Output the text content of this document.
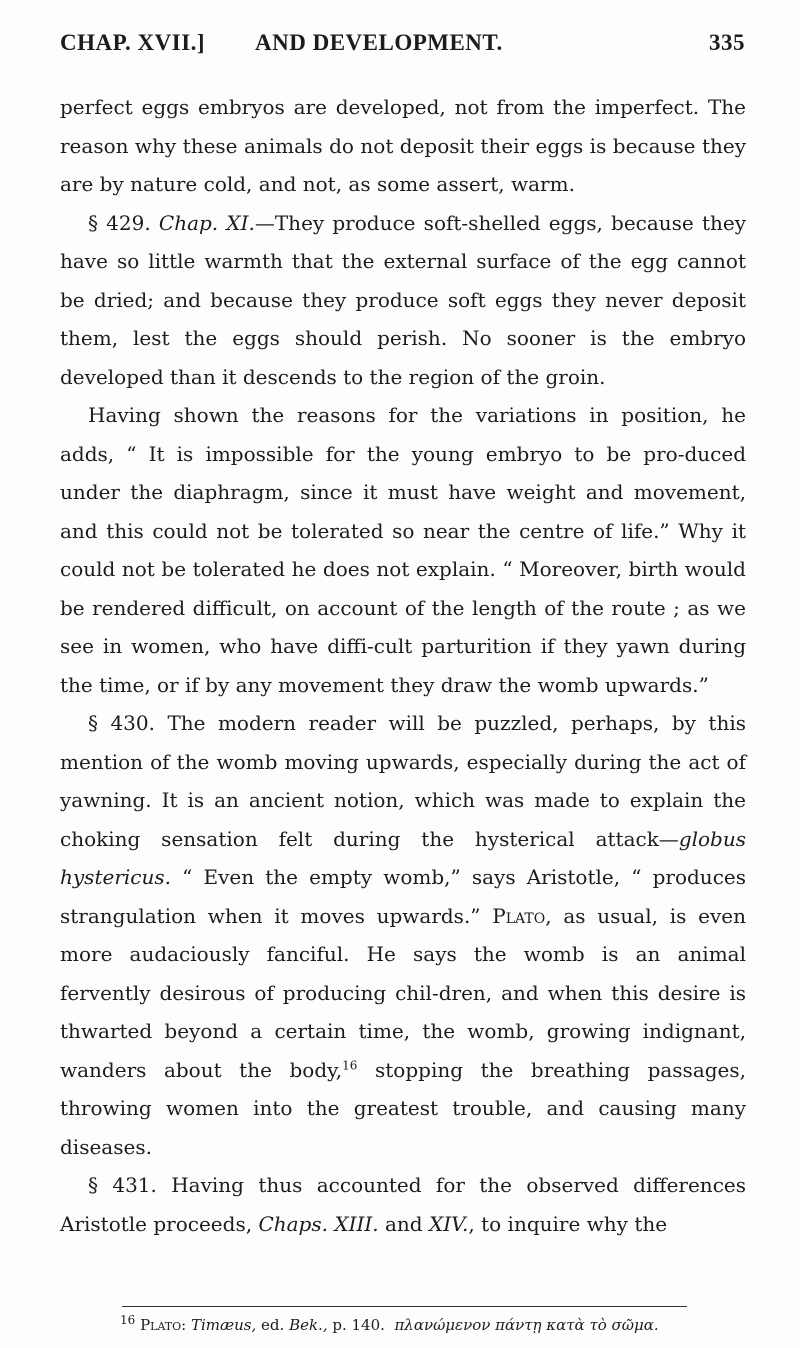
CHAP. XVII.] AND DEVELOPMENT.	335

perfect eggs embryos are developed, not from the imperfect. The reason why these animals do not deposit their eggs is because they are by nature cold, and not, as some assert, warm.

§ 429. Chap. XI.—They produce soft-shelled eggs, because they have so little warmth that the external surface of the egg cannot be dried; and because they produce soft eggs they never deposit them, lest the eggs should perish. No sooner is the embryo developed than it descends to the region of the groin.

Having shown the reasons for the variations in position, he adds, “ It is impossible for the young embryo to be pro-duced under the diaphragm, since it must have weight and movement, and this could not be tolerated so near the centre of life.” Why it could not be tolerated he does not explain. “ Moreover, birth would be rendered difficult, on account of the length of the route ; as we see in women, who have diffi-cult parturition if they yawn during the time, or if by any movement they draw the womb upwards.”

§ 430. The modern reader will be puzzled, perhaps, by this mention of the womb moving upwards, especially during the act of yawning. It is an ancient notion, which was made to explain the choking sensation felt during the hysterical attack—globus hystericus. “ Even the empty womb,” says Aristotle, “ produces strangulation when it moves upwards.” Plato, as usual, is even more audaciously fanciful. He says the womb is an animal fervently desirous of producing chil-dren, and when this desire is thwarted beyond a certain time, the womb, growing indignant, wanders about the body,$^{16}$ stopping the breathing passages, throwing women into the greatest trouble, and causing many diseases.

§ 431. Having thus accounted for the observed differences Aristotle proceeds, Chaps. XIII. and XIV., to inquire why the

$^{16}$ Plato: Timæus, ed. Bek., p. 140. πλανώμενον πάντῃ κατὰ τὸ σῶμα.
